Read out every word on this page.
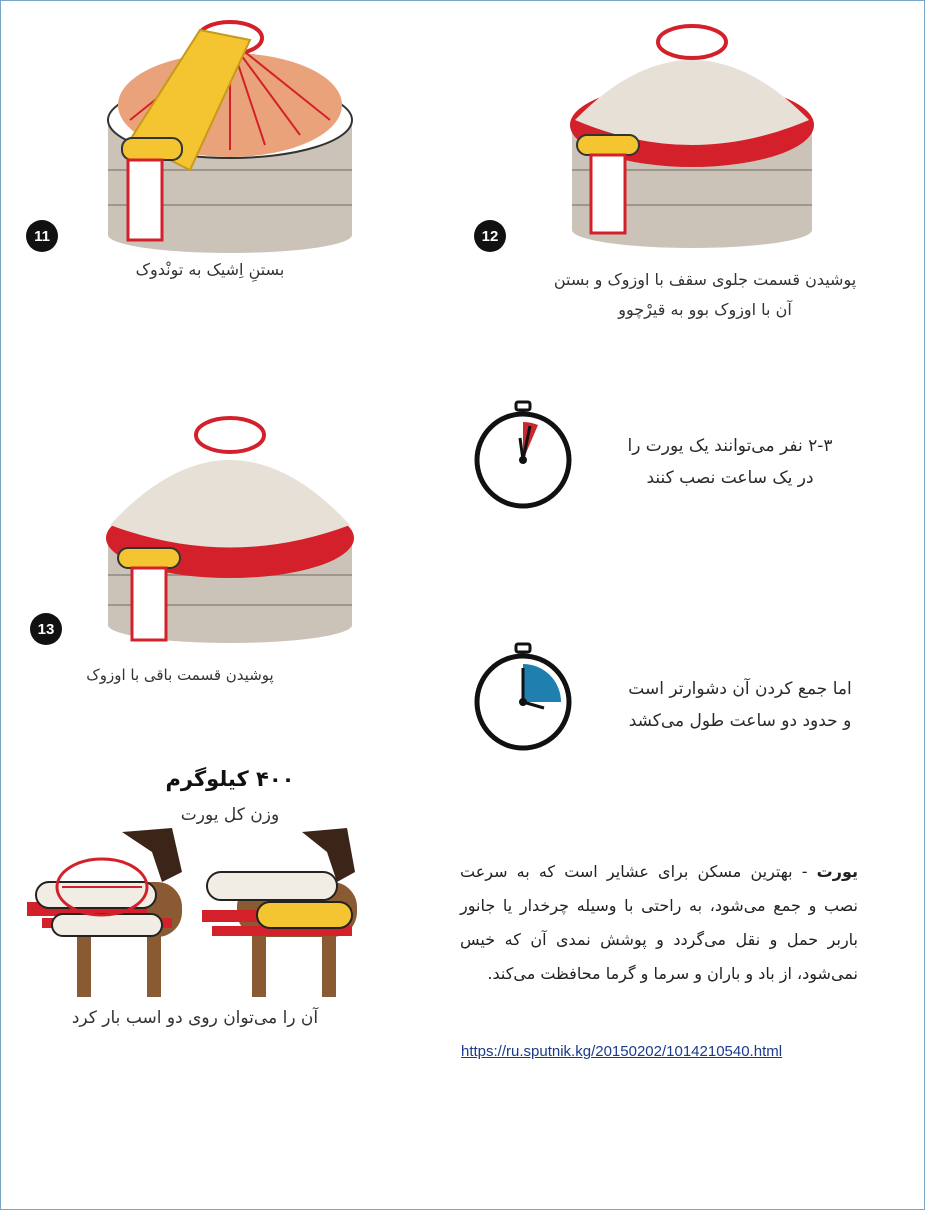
11
بستنِ اِشیک به تونْدوک
12
پوشیدن قسمت جلوی سقف با اوزوک و بستن
آن با اوزوک بوو به قیرْچوو
13
پوشیدن قسمت باقی با اوزوک
۲-۳ نفر می‌توانند یک یورت را
در یک ساعت نصب کنند
اما جمع کردن آن دشوارتر است
و حدود دو ساعت طول می‌کشد
۴۰۰ کیلوگرم
وزن کل یورت
آن را می‌توان روی دو اسب بار کرد
یورت - بهترین مسکن برای عشایر است که به سرعت نصب و جمع می‌شود، به راحتی با وسیله چرخدار یا جانور باربر حمل و نقل می‌گردد و پوشش نمدی آن که خیس نمی‌شود، از باد و باران و سرما و گرما محافظت می‌کند.
https://ru.sputnik.kg/20150202/1014210540.html
